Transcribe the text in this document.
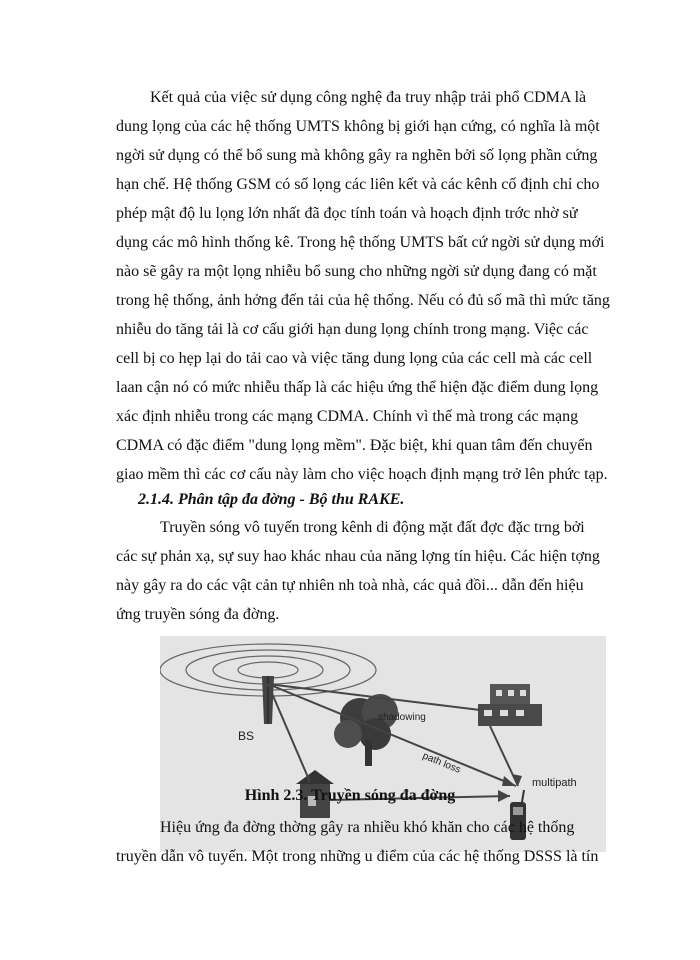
Kết quả của việc sử dụng công nghệ đa truy nhập trải phổ CDMA là
dung lọng của các hệ thống UMTS không bị giới hạn cứng, có nghĩa là một
ngời sử dụng có thể bổ sung mà không gây ra nghẽn bởi số lọng phần cứng
hạn chế. Hệ thống GSM có số lọng các liên kết và các kênh cố định chỉ cho
phép mật độ lu lọng lớn nhất đã đọc tính toán và hoạch định trớc nhờ sử
dụng các mô hình thống kê. Trong hệ thống UMTS bất cứ ngời sử dụng mới
nào sẽ gây ra một lọng nhiễu bổ sung cho những ngời sử dụng đang có mặt
trong hệ thống, ảnh hởng đến tải của hệ thống. Nếu có đủ số mã thì mức tăng
nhiễu do tăng tải là cơ cấu giới hạn dung lọng chính trong mạng. Việc các
cell bị co hẹp lại do tải cao và việc tăng dung lọng của các cell mà các cell
laan cận nó có mức nhiễu thấp là các hiệu ứng thể hiện đặc điểm dung lọng
xác định nhiễu trong các mạng CDMA. Chính vì thế mà trong các mạng
CDMA có đặc điểm "dung lọng mềm". Đặc biệt, khi quan tâm đến chuyển
giao mềm thì các cơ cấu này làm cho việc hoạch định mạng trở lên phức tạp.
2.1.4. Phân tập đa đờng - Bộ thu RAKE.
Truyền sóng vô tuyến trong kênh di động mặt đất đợc đặc trng bởi
các sự phản xạ, sự suy hao khác nhau của năng lợng tín hiệu. Các hiện tợng
này gây ra do các vật cản tự nhiên nh toà nhà, các quả đồi... dẫn đến hiệu
ứng truyền sóng đa đờng.
BS
shadowing
multipath
path loss
Hình 2.3. Truyền sóng đa đờng
Hiệu ứng đa đờng thờng gây ra nhiều khó khăn cho các hệ thống
truyền dẫn vô tuyến. Một trong những u điểm của các hệ thống DSSS là tín
